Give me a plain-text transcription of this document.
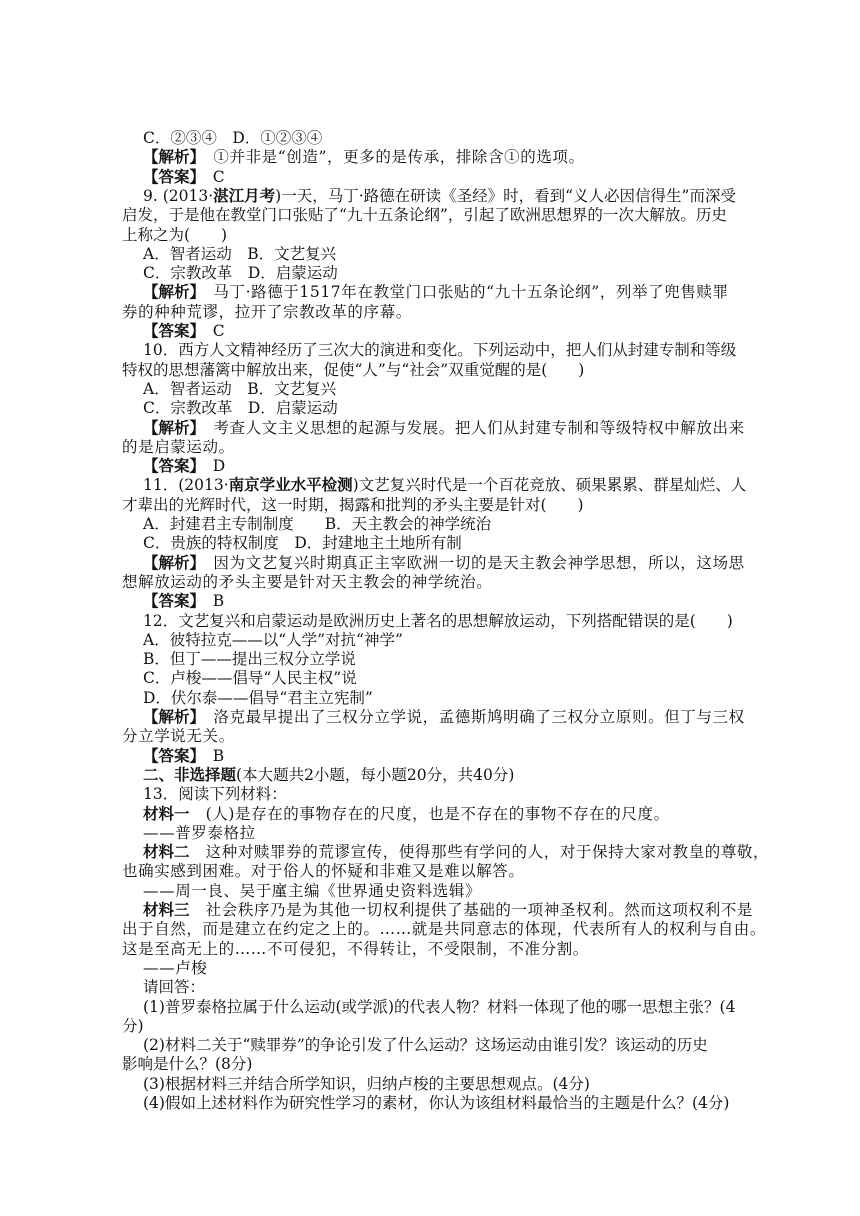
C．②③④　D．①②③④
【解析】　①并非是“创造”，更多的是传承，排除含①的选项。
【答案】　C
9. (2013·湛江月考)一天，马丁·路德在研读《圣经》时，看到“义人必因信得生”而深受
启发，于是他在教堂门口张贴了“九十五条论纲”，引起了欧洲思想界的一次大解放。历史
上称之为(　　)
A．智者运动　B．文艺复兴
C．宗教改革　D．启蒙运动
【解析】　马丁·路德于1517年在教堂门口张贴的“九十五条论纲”，列举了兜售赎罪
券的种种荒谬，拉开了宗教改革的序幕。
【答案】　C
10．西方人文精神经历了三次大的演进和变化。下列运动中，把人们从封建专制和等级
特权的思想藩篱中解放出来，促使“人”与“社会”双重觉醒的是(　　)
A．智者运动　B．文艺复兴
C．宗教改革　D．启蒙运动
【解析】　考查人文主义思想的起源与发展。把人们从封建专制和等级特权中解放出来
的是启蒙运动。
【答案】　D
11．(2013·南京学业水平检测)文艺复兴时代是一个百花竞放、硕果累累、群星灿烂、人
才辈出的光辉时代，这一时期，揭露和批判的矛头主要是针对(　　)
A．封建君主专制制度　　B．天主教会的神学统治
C．贵族的特权制度　D．封建地主土地所有制
【解析】　因为文艺复兴时期真正主宰欧洲一切的是天主教会神学思想，所以，这场思
想解放运动的矛头主要是针对天主教会的神学统治。
【答案】　B
12．文艺复兴和启蒙运动是欧洲历史上著名的思想解放运动，下列搭配错误的是(　　)
A．彼特拉克——以“人学”对抗“神学”
B．但丁——提出三权分立学说
C．卢梭——倡导“人民主权”说
D．伏尔泰——倡导“君主立宪制”
【解析】　洛克最早提出了三权分立学说，孟德斯鸠明确了三权分立原则。但丁与三权
分立学说无关。
【答案】　B
二、非选择题(本大题共2小题，每小题20分，共40分)
13．阅读下列材料：
材料一　(人)是存在的事物存在的尺度，也是不存在的事物不存在的尺度。
——普罗泰格拉
材料二　这种对赎罪券的荒谬宣传，使得那些有学问的人，对于保持大家对教皇的尊敬，
也确实感到困难。对于俗人的怀疑和非难又是难以解答。
——周一良、吴于廑主编《世界通史资料选辑》
材料三　社会秩序乃是为其他一切权利提供了基础的一项神圣权利。然而这项权利不是
出于自然，而是建立在约定之上的。……就是共同意志的体现，代表所有人的权利与自由。
这是至高无上的……不可侵犯，不得转让，不受限制，不准分割。
——卢梭
请回答：
(1)普罗泰格拉属于什么运动(或学派)的代表人物？材料一体现了他的哪一思想主张？(4
分)
(2)材料二关于“赎罪券”的争论引发了什么运动？这场运动由谁引发？该运动的历史
影响是什么？(8分)
(3)根据材料三并结合所学知识，归纳卢梭的主要思想观点。(4分)
(4)假如上述材料作为研究性学习的素材，你认为该组材料最恰当的主题是什么？(4分)
